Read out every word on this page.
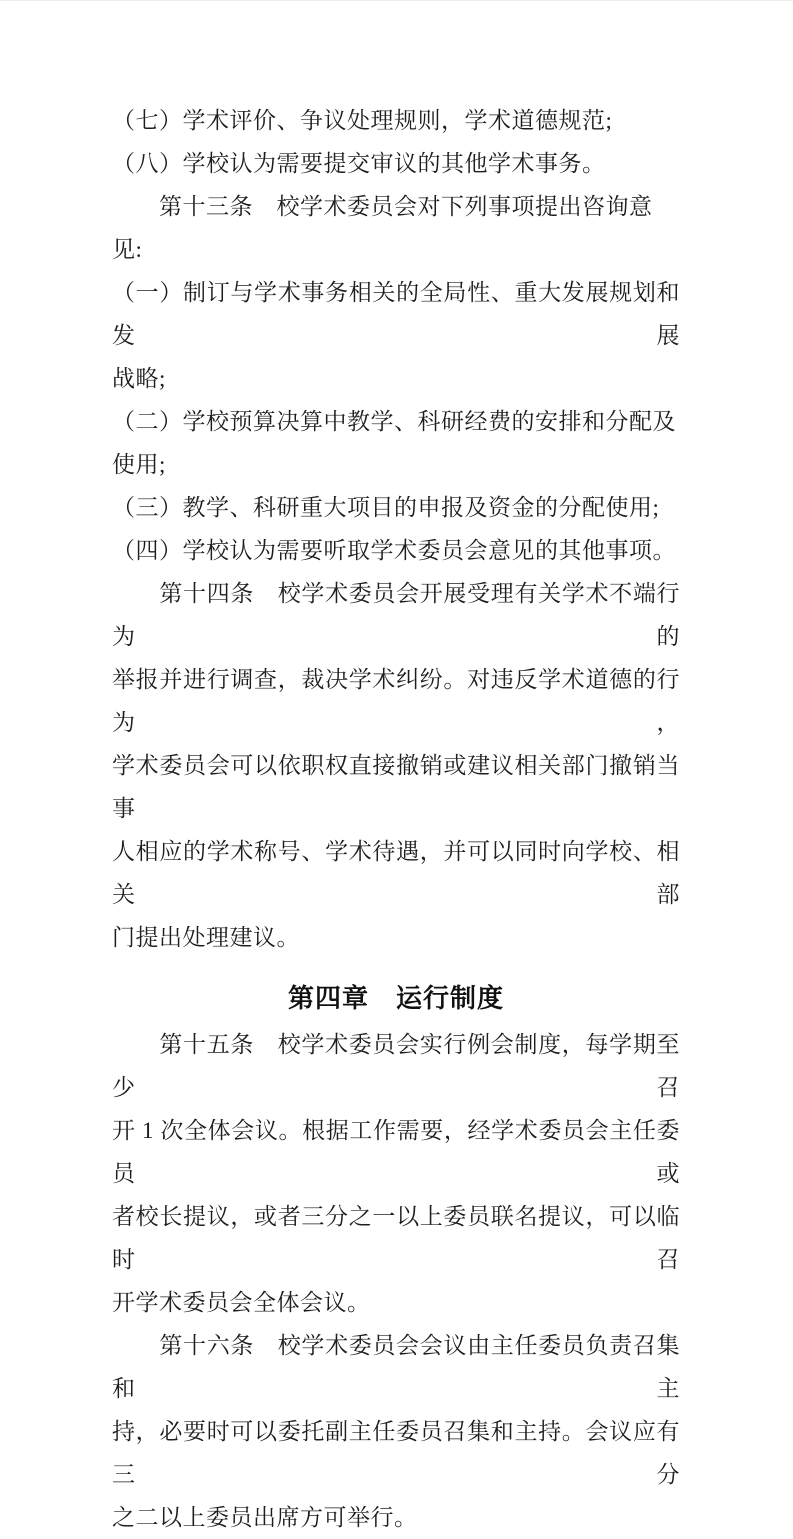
（七）学术评价、争议处理规则，学术道德规范;
（八）学校认为需要提交审议的其他学术事务。
　　第十三条　校学术委员会对下列事项提出咨询意见:
（一）制订与学术事务相关的全局性、重大发展规划和发展
战略;
（二）学校预算决算中教学、科研经费的安排和分配及使用;
（三）教学、科研重大项目的申报及资金的分配使用;
（四）学校认为需要听取学术委员会意见的其他事项。
　　第十四条　校学术委员会开展受理有关学术不端行为的
举报并进行调查，裁决学术纠纷。对违反学术道德的行为，
学术委员会可以依职权直接撤销或建议相关部门撤销当事
人相应的学术称号、学术待遇，并可以同时向学校、相关部
门提出处理建议。
第四章　运行制度
　　第十五条　校学术委员会实行例会制度，每学期至少召
开 1 次全体会议。根据工作需要，经学术委员会主任委员或
者校长提议，或者三分之一以上委员联名提议，可以临时召
开学术委员会全体会议。
　　第十六条　校学术委员会会议由主任委员负责召集和主
持，必要时可以委托副主任委员召集和主持。会议应有三分
之二以上委员出席方可举行。
